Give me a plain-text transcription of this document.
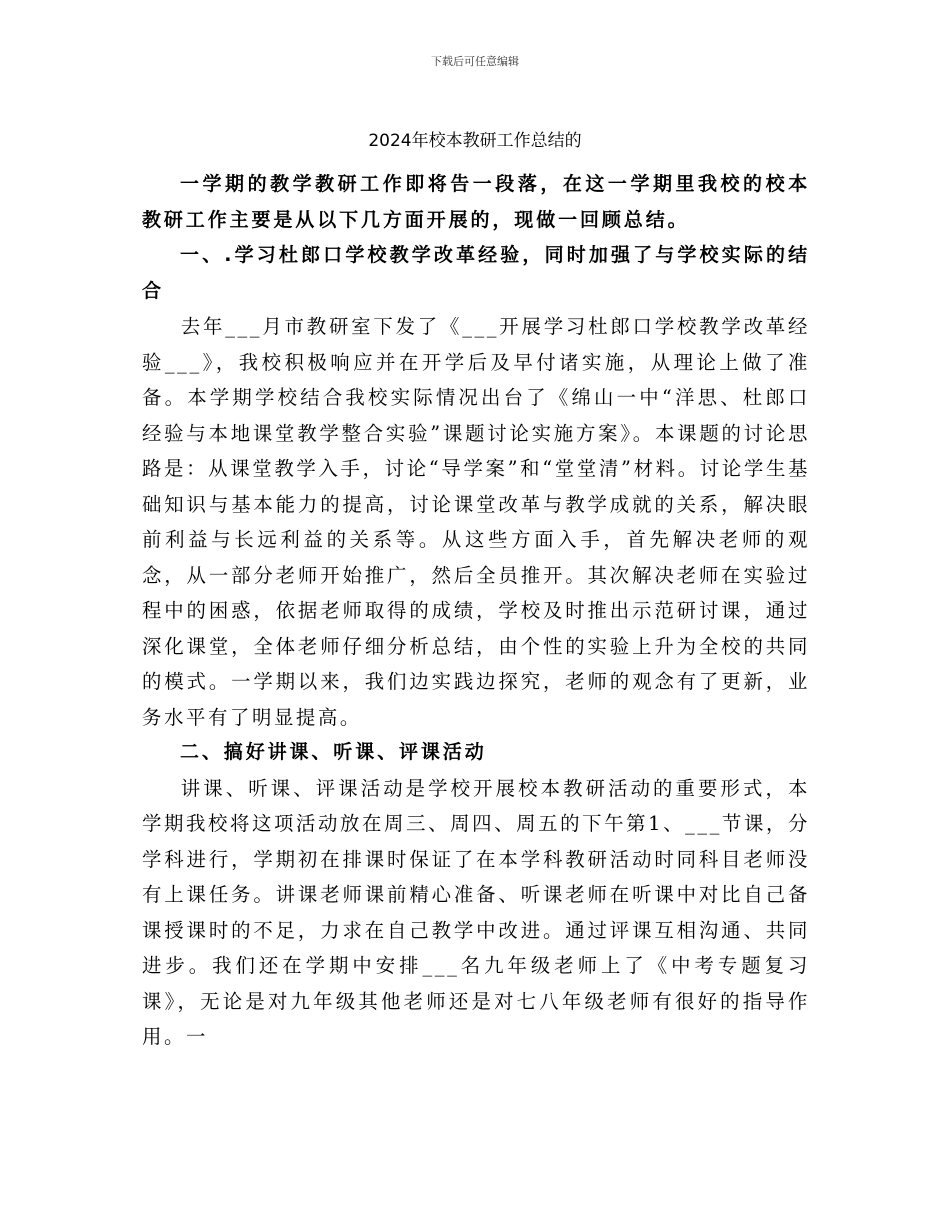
下载后可任意编辑
2024年校本教研工作总结的

一学期的教学教研工作即将告一段落，在这一学期里我校的校本教研工作主要是从以下几方面开展的，现做一回顾总结。

一、.学习杜郎口学校教学改革经验，同时加强了与学校实际的结合

去年___月市教研室下发了《___开展学习杜郎口学校教学改革经验___》，我校积极响应并在开学后及早付诸实施，从理论上做了准备。本学期学校结合我校实际情况出台了《绵山一中“洋思、杜郎口经验与本地课堂教学整合实验”课题讨论实施方案》。本课题的讨论思路是：从课堂教学入手，讨论“导学案”和“堂堂清”材料。讨论学生基础知识与基本能力的提高，讨论课堂改革与教学成就的关系，解决眼前利益与长远利益的关系等。从这些方面入手，首先解决老师的观念，从一部分老师开始推广，然后全员推开。其次解决老师在实验过程中的困惑，依据老师取得的成绩，学校及时推出示范研讨课，通过深化课堂，全体老师仔细分析总结，由个性的实验上升为全校的共同的模式。一学期以来，我们边实践边探究，老师的观念有了更新，业务水平有了明显提高。

二、搞好讲课、听课、评课活动

讲课、听课、评课活动是学校开展校本教研活动的重要形式，本学期我校将这项活动放在周三、周四、周五的下午第1、___节课，分学科进行，学期初在排课时保证了在本学科教研活动时同科目老师没有上课任务。讲课老师课前精心准备、听课老师在听课中对比自己备课授课时的不足，力求在自己教学中改进。通过评课互相沟通、共同进步。我们还在学期中安排___名九年级老师上了《中考专题复习课》，无论是对九年级其他老师还是对七八年级老师有很好的指导作用。一
